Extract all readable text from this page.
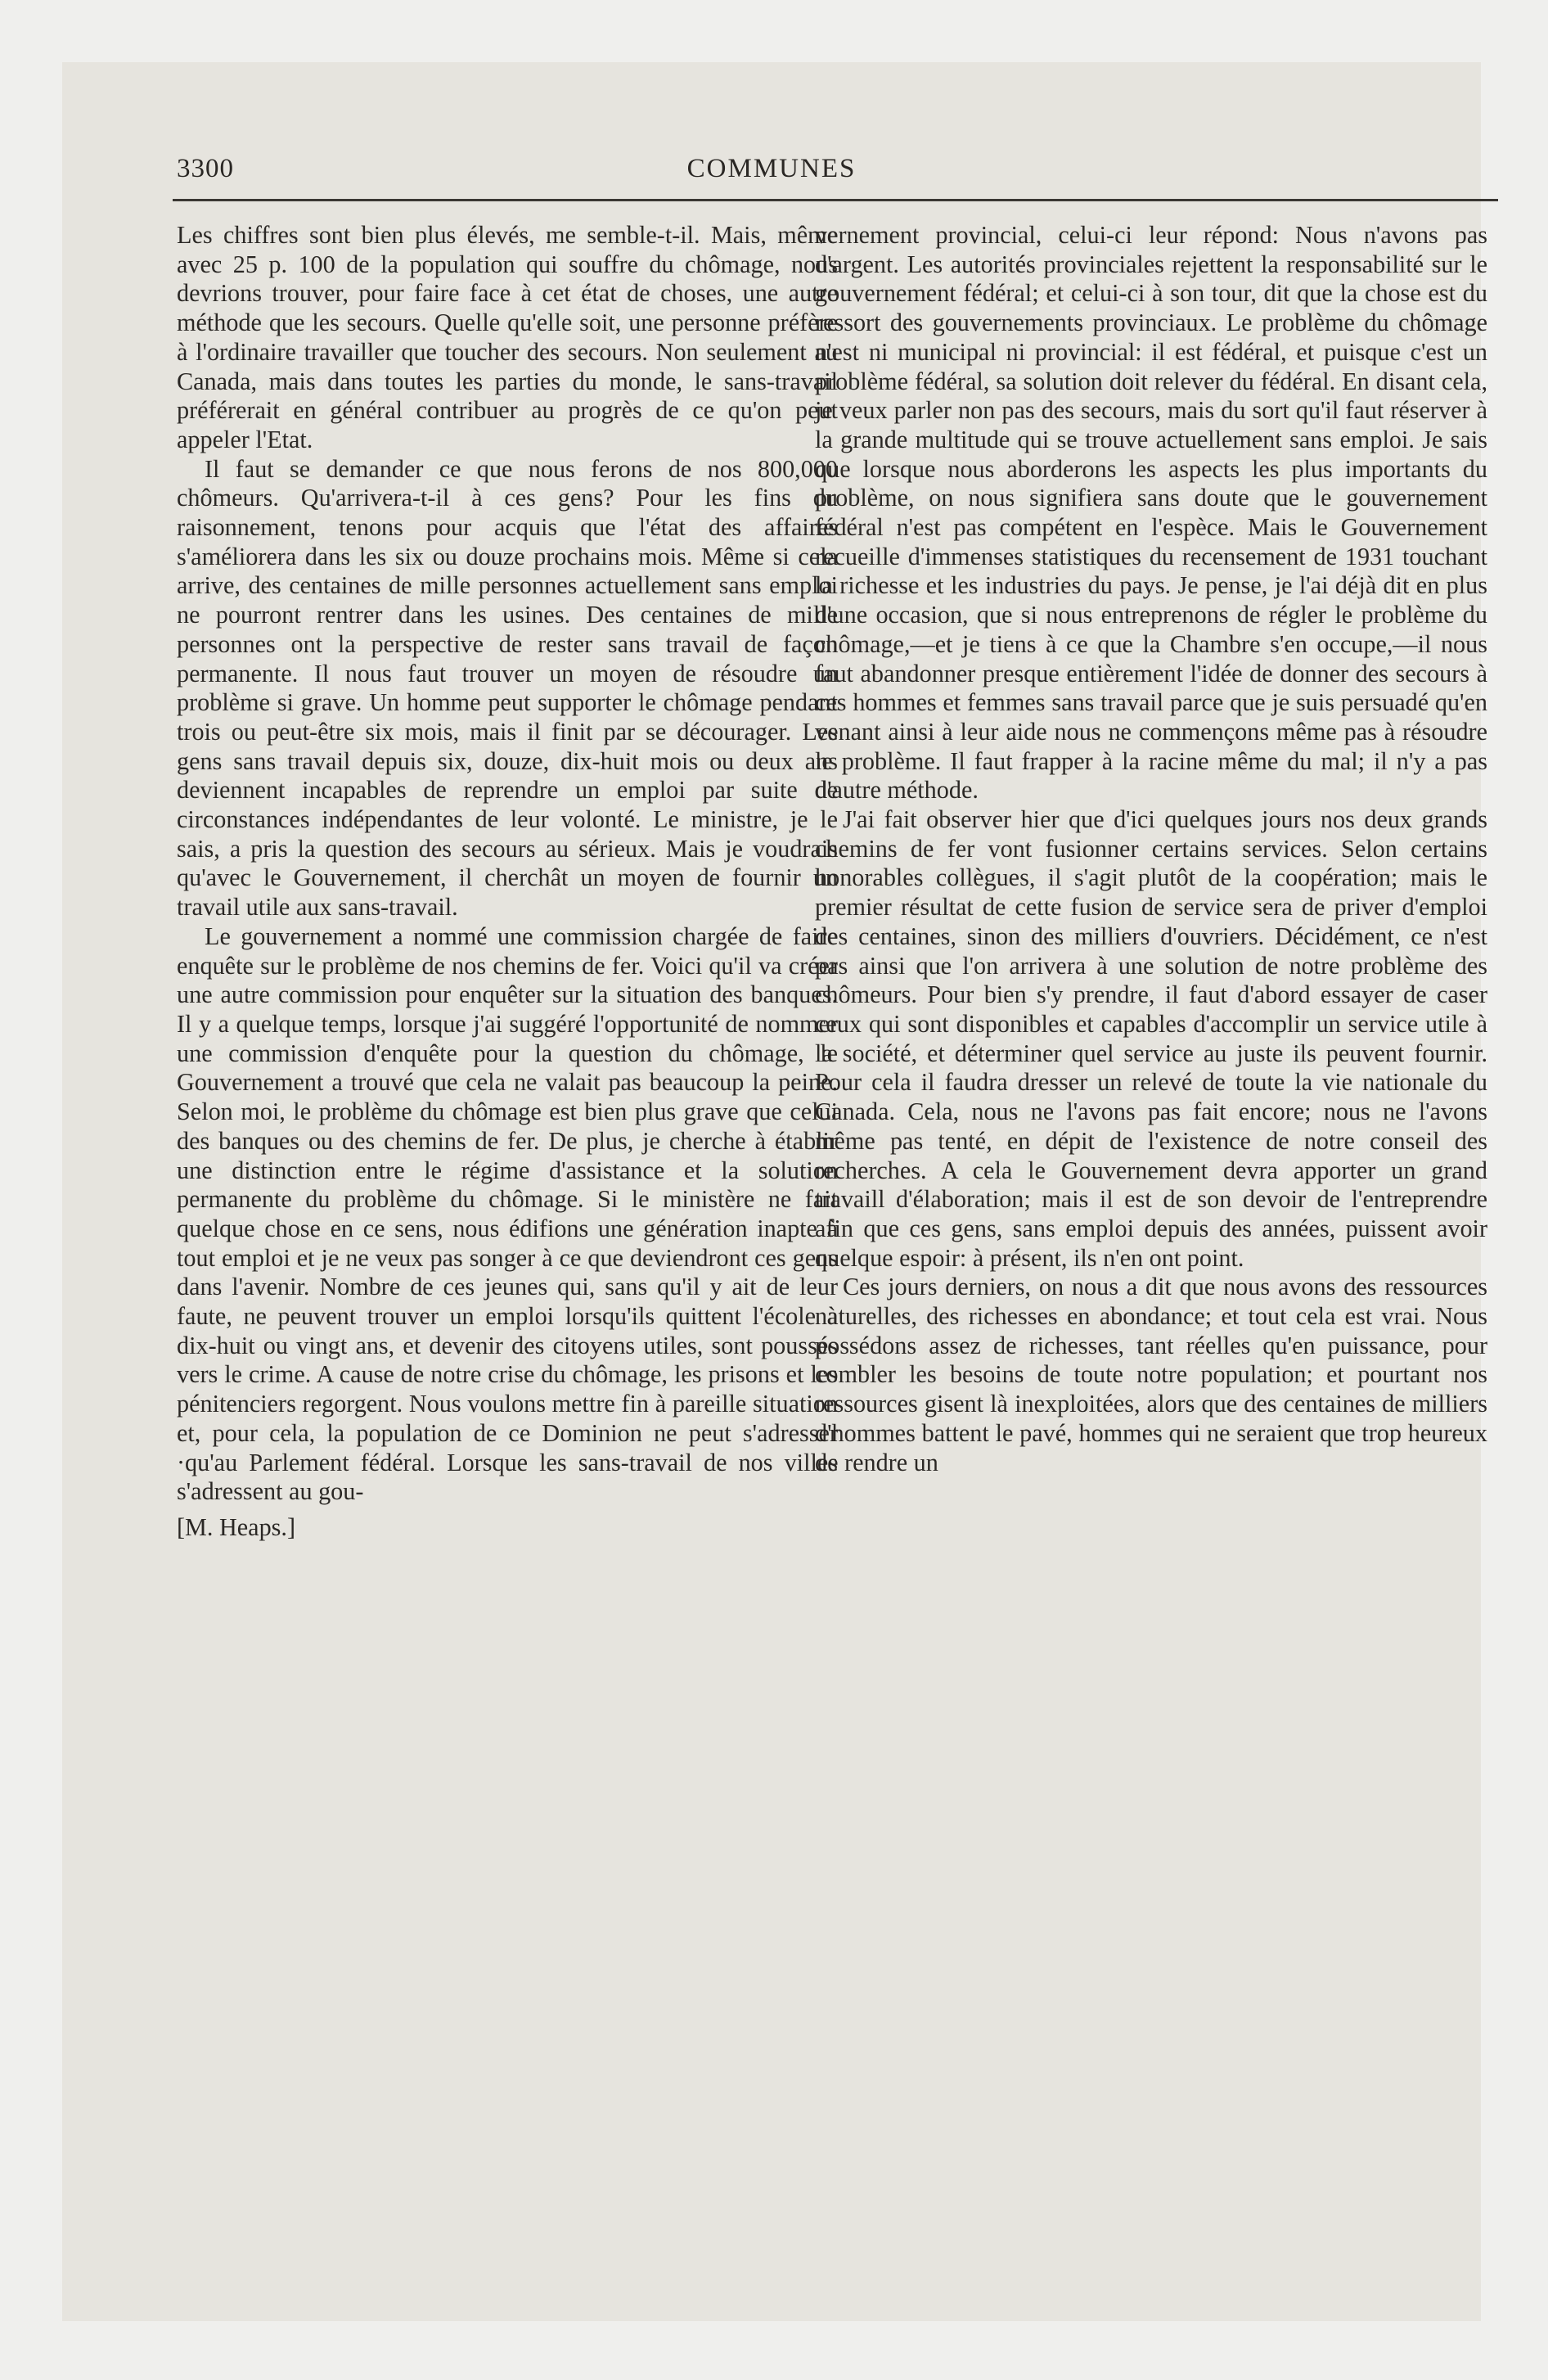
3300	COMMUNES

Les chiffres sont bien plus élevés, me semble-t-il. Mais, même avec 25 p. 100 de la population qui souffre du chômage, nous devrions trouver, pour faire face à cet état de choses, une autre méthode que les secours. Quelle qu'elle soit, une personne préfère à l'ordinaire travailler que toucher des secours. Non seulement au Canada, mais dans toutes les parties du monde, le sans-travail préférerait en général contribuer au progrès de ce qu'on peut appeler l'Etat.

Il faut se demander ce que nous ferons de nos 800,000 chômeurs. Qu'arrivera-t-il à ces gens? Pour les fins du raisonnement, tenons pour acquis que l'état des affaires s'améliorera dans les six ou douze prochains mois. Même si cela arrive, des centaines de mille personnes actuellement sans emploi ne pourront rentrer dans les usines. Des centaines de mille personnes ont la perspective de rester sans travail de façon permanente. Il nous faut trouver un moyen de résoudre un problème si grave. Un homme peut supporter le chômage pendant trois ou peut-être six mois, mais il finit par se décourager. Les gens sans travail depuis six, douze, dix-huit mois ou deux ans deviennent incapables de reprendre un emploi par suite de circonstances indépendantes de leur volonté. Le ministre, je le sais, a pris la question des secours au sérieux. Mais je voudrais qu'avec le Gouvernement, il cherchât un moyen de fournir un travail utile aux sans-travail.

Le gouvernement a nommé une commission chargée de faire enquête sur le problème de nos chemins de fer. Voici qu'il va créer une autre commission pour enquêter sur la situation des banques. Il y a quelque temps, lorsque j'ai suggéré l'opportunité de nommer une commission d'enquête pour la question du chômage, le Gouvernement a trouvé que cela ne valait pas beaucoup la peine. Selon moi, le problème du chômage est bien plus grave que celui des banques ou des chemins de fer. De plus, je cherche à établir une distinction entre le régime d'assistance et la solution permanente du problème du chômage. Si le ministère ne fait quelque chose en ce sens, nous édifions une génération inapte à tout emploi et je ne veux pas songer à ce que deviendront ces gens dans l'avenir. Nombre de ces jeunes qui, sans qu'il y ait de leur faute, ne peuvent trouver un emploi lorsqu'ils quittent l'école à dix-huit ou vingt ans, et devenir des citoyens utiles, sont poussés vers le crime. A cause de notre crise du chômage, les prisons et les pénitenciers regorgent. Nous voulons mettre fin à pareille situation et, pour cela, la population de ce Dominion ne peut s'adresser ·qu'au Parlement fédéral. Lorsque les sans-travail de nos villes s'adressent au gou-

[M. Heaps.]

vernement provincial, celui-ci leur répond: Nous n'avons pas d'argent. Les autorités provinciales rejettent la responsabilité sur le gouvernement fédéral; et celui-ci à son tour, dit que la chose est du ressort des gouvernements provinciaux. Le problème du chômage n'est ni municipal ni provincial: il est fédéral, et puisque c'est un problème fédéral, sa solution doit relever du fédéral. En disant cela, je veux parler non pas des secours, mais du sort qu'il faut réserver à la grande multitude qui se trouve actuellement sans emploi. Je sais que lorsque nous aborderons les aspects les plus importants du problème, on nous signifiera sans doute que le gouvernement fédéral n'est pas compétent en l'espèce. Mais le Gouvernement recueille d'immenses statistiques du recensement de 1931 touchant la richesse et les industries du pays. Je pense, je l'ai déjà dit en plus d'une occasion, que si nous entreprenons de régler le problème du chômage,—et je tiens à ce que la Chambre s'en occupe,—il nous faut abandonner presque entièrement l'idée de donner des secours à ces hommes et femmes sans travail parce que je suis persuadé qu'en venant ainsi à leur aide nous ne commençons même pas à résoudre le problème. Il faut frapper à la racine même du mal; il n'y a pas d'autre méthode.

J'ai fait observer hier que d'ici quelques jours nos deux grands chemins de fer vont fusionner certains services. Selon certains honorables collègues, il s'agit plutôt de la coopération; mais le premier résultat de cette fusion de service sera de priver d'emploi des centaines, sinon des milliers d'ouvriers. Décidément, ce n'est pas ainsi que l'on arrivera à une solution de notre problème des chômeurs. Pour bien s'y prendre, il faut d'abord essayer de caser ceux qui sont disponibles et capables d'accomplir un service utile à la société, et déterminer quel service au juste ils peuvent fournir. Pour cela il faudra dresser un relevé de toute la vie nationale du Canada. Cela, nous ne l'avons pas fait encore; nous ne l'avons même pas tenté, en dépit de l'existence de notre conseil des recherches. A cela le Gouvernement devra apporter un grand travaill d'élaboration; mais il est de son devoir de l'entreprendre afin que ces gens, sans emploi depuis des années, puissent avoir quelque espoir: à présent, ils n'en ont point.

Ces jours derniers, on nous a dit que nous avons des ressources naturelles, des richesses en abondance; et tout cela est vrai. Nous possédons assez de richesses, tant réelles qu'en puissance, pour combler les besoins de toute notre population; et pourtant nos ressources gisent là inexploitées, alors que des centaines de milliers d'hommes battent le pavé, hommes qui ne seraient que trop heureux de rendre un
